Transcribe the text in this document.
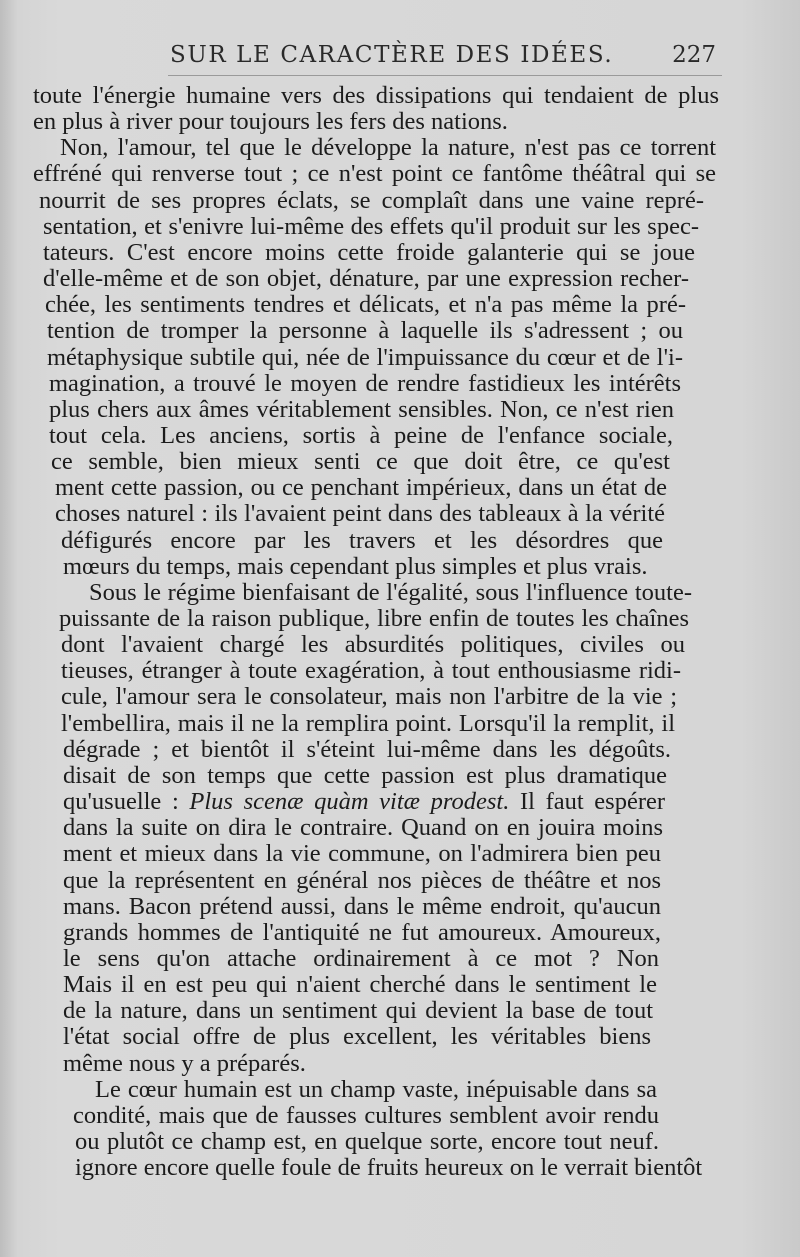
SUR LE CARACTÈRE DES IDÉES.	227
toute l'énergie humaine vers des dissipations qui tendaient de plus
en plus à river pour toujours les fers des nations.
Non, l'amour, tel que le développe la nature, n'est pas ce torrent
effréné qui renverse tout ; ce n'est point ce fantôme théâtral qui se
nourrit de ses propres éclats, se complaît dans une vaine repré-
sentation, et s'enivre lui-même des effets qu'il produit sur les spec-
tateurs. C'est encore moins cette froide galanterie qui se joue
d'elle-même et de son objet, dénature, par une expression recher-
chée, les sentiments tendres et délicats, et n'a pas même la pré-
tention de tromper la personne à laquelle ils s'adressent ; ou
métaphysique subtile qui, née de l'impuissance du cœur et de l'i-
magination, a trouvé le moyen de rendre fastidieux les intérêts
plus chers aux âmes véritablement sensibles. Non, ce n'est rien
tout cela. Les anciens, sortis à peine de l'enfance sociale,
ce semble, bien mieux senti ce que doit être, ce qu'est
ment cette passion, ou ce penchant impérieux, dans un état de
choses naturel : ils l'avaient peint dans des tableaux à la vérité
défigurés encore par les travers et les désordres que
mœurs du temps, mais cependant plus simples et plus vrais.
Sous le régime bienfaisant de l'égalité, sous l'influence toute-
puissante de la raison publique, libre enfin de toutes les chaînes
dont l'avaient chargé les absurdités politiques, civiles ou
tieuses, étranger à toute exagération, à tout enthousiasme ridi-
cule, l'amour sera le consolateur, mais non l'arbitre de la vie ;
l'embellira, mais il ne la remplira point. Lorsqu'il la remplit, il
dégrade ; et bientôt il s'éteint lui-même dans les dégoûts.
disait de son temps que cette passion est plus dramatique
qu'usuelle : Plus scenæ quàm vitæ prodest. Il faut espérer
dans la suite on dira le contraire. Quand on en jouira moins
ment et mieux dans la vie commune, on l'admirera bien peu
que la représentent en général nos pièces de théâtre et nos
mans. Bacon prétend aussi, dans le même endroit, qu'aucun
grands hommes de l'antiquité ne fut amoureux. Amoureux,
le sens qu'on attache ordinairement à ce mot ? Non
Mais il en est peu qui n'aient cherché dans le sentiment le
de la nature, dans un sentiment qui devient la base de tout
l'état social offre de plus excellent, les véritables biens
même nous y a préparés.
Le cœur humain est un champ vaste, inépuisable dans sa
condité, mais que de fausses cultures semblent avoir rendu
ou plutôt ce champ est, en quelque sorte, encore tout neuf.
ignore encore quelle foule de fruits heureux on le verrait bientôt
